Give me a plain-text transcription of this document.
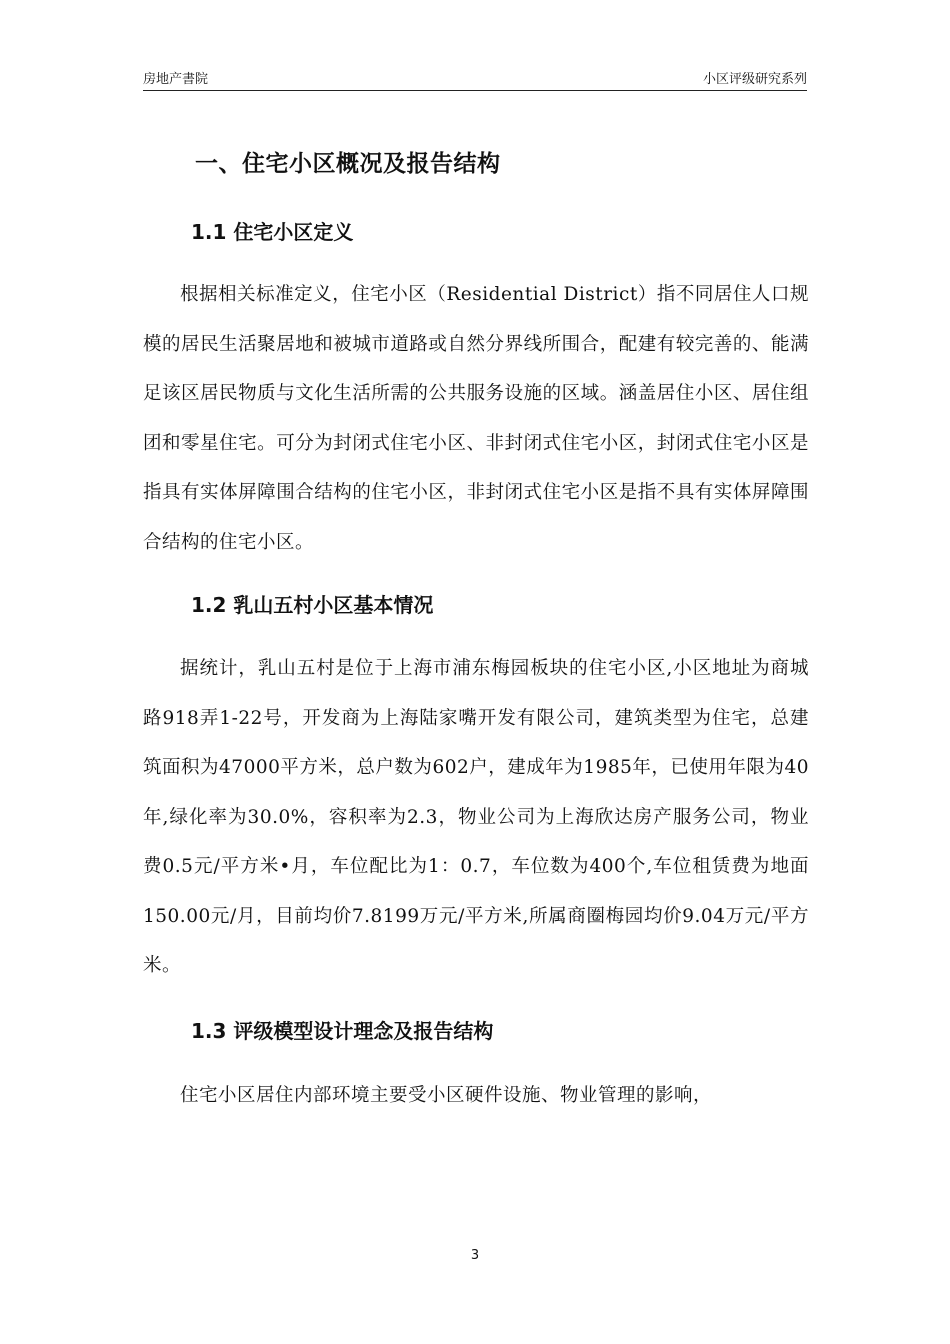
房地产書院	小区评级研究系列
一、住宅小区概况及报告结构
1.1 住宅小区定义

根据相关标准定义，住宅小区（Residential District）指不同居住人口规模的居民生活聚居地和被城市道路或自然分界线所围合，配建有较完善的、能满足该区居民物质与文化生活所需的公共服务设施的区域。涵盖居住小区、居住组团和零星住宅。可分为封闭式住宅小区、非封闭式住宅小区，封闭式住宅小区是指具有实体屏障围合结构的住宅小区，非封闭式住宅小区是指不具有实体屏障围合结构的住宅小区。

1.2 乳山五村小区基本情况

据统计，乳山五村是位于上海市浦东梅园板块的住宅小区,小区地址为商城路918弄1-22号，开发商为上海陆家嘴开发有限公司，建筑类型为住宅，总建筑面积为47000平方米，总户数为602户，建成年为1985年，已使用年限为40年,绿化率为30.0%，容积率为2.3，物业公司为上海欣达房产服务公司，物业费0.5元/平方米•月，车位配比为1：0.7，车位数为400个,车位租赁费为地面150.00元/月，目前均价7.8199万元/平方米,所属商圈梅园均价9.04万元/平方米。

1.3 评级模型设计理念及报告结构

住宅小区居住内部环境主要受小区硬件设施、物业管理的影响，

3
